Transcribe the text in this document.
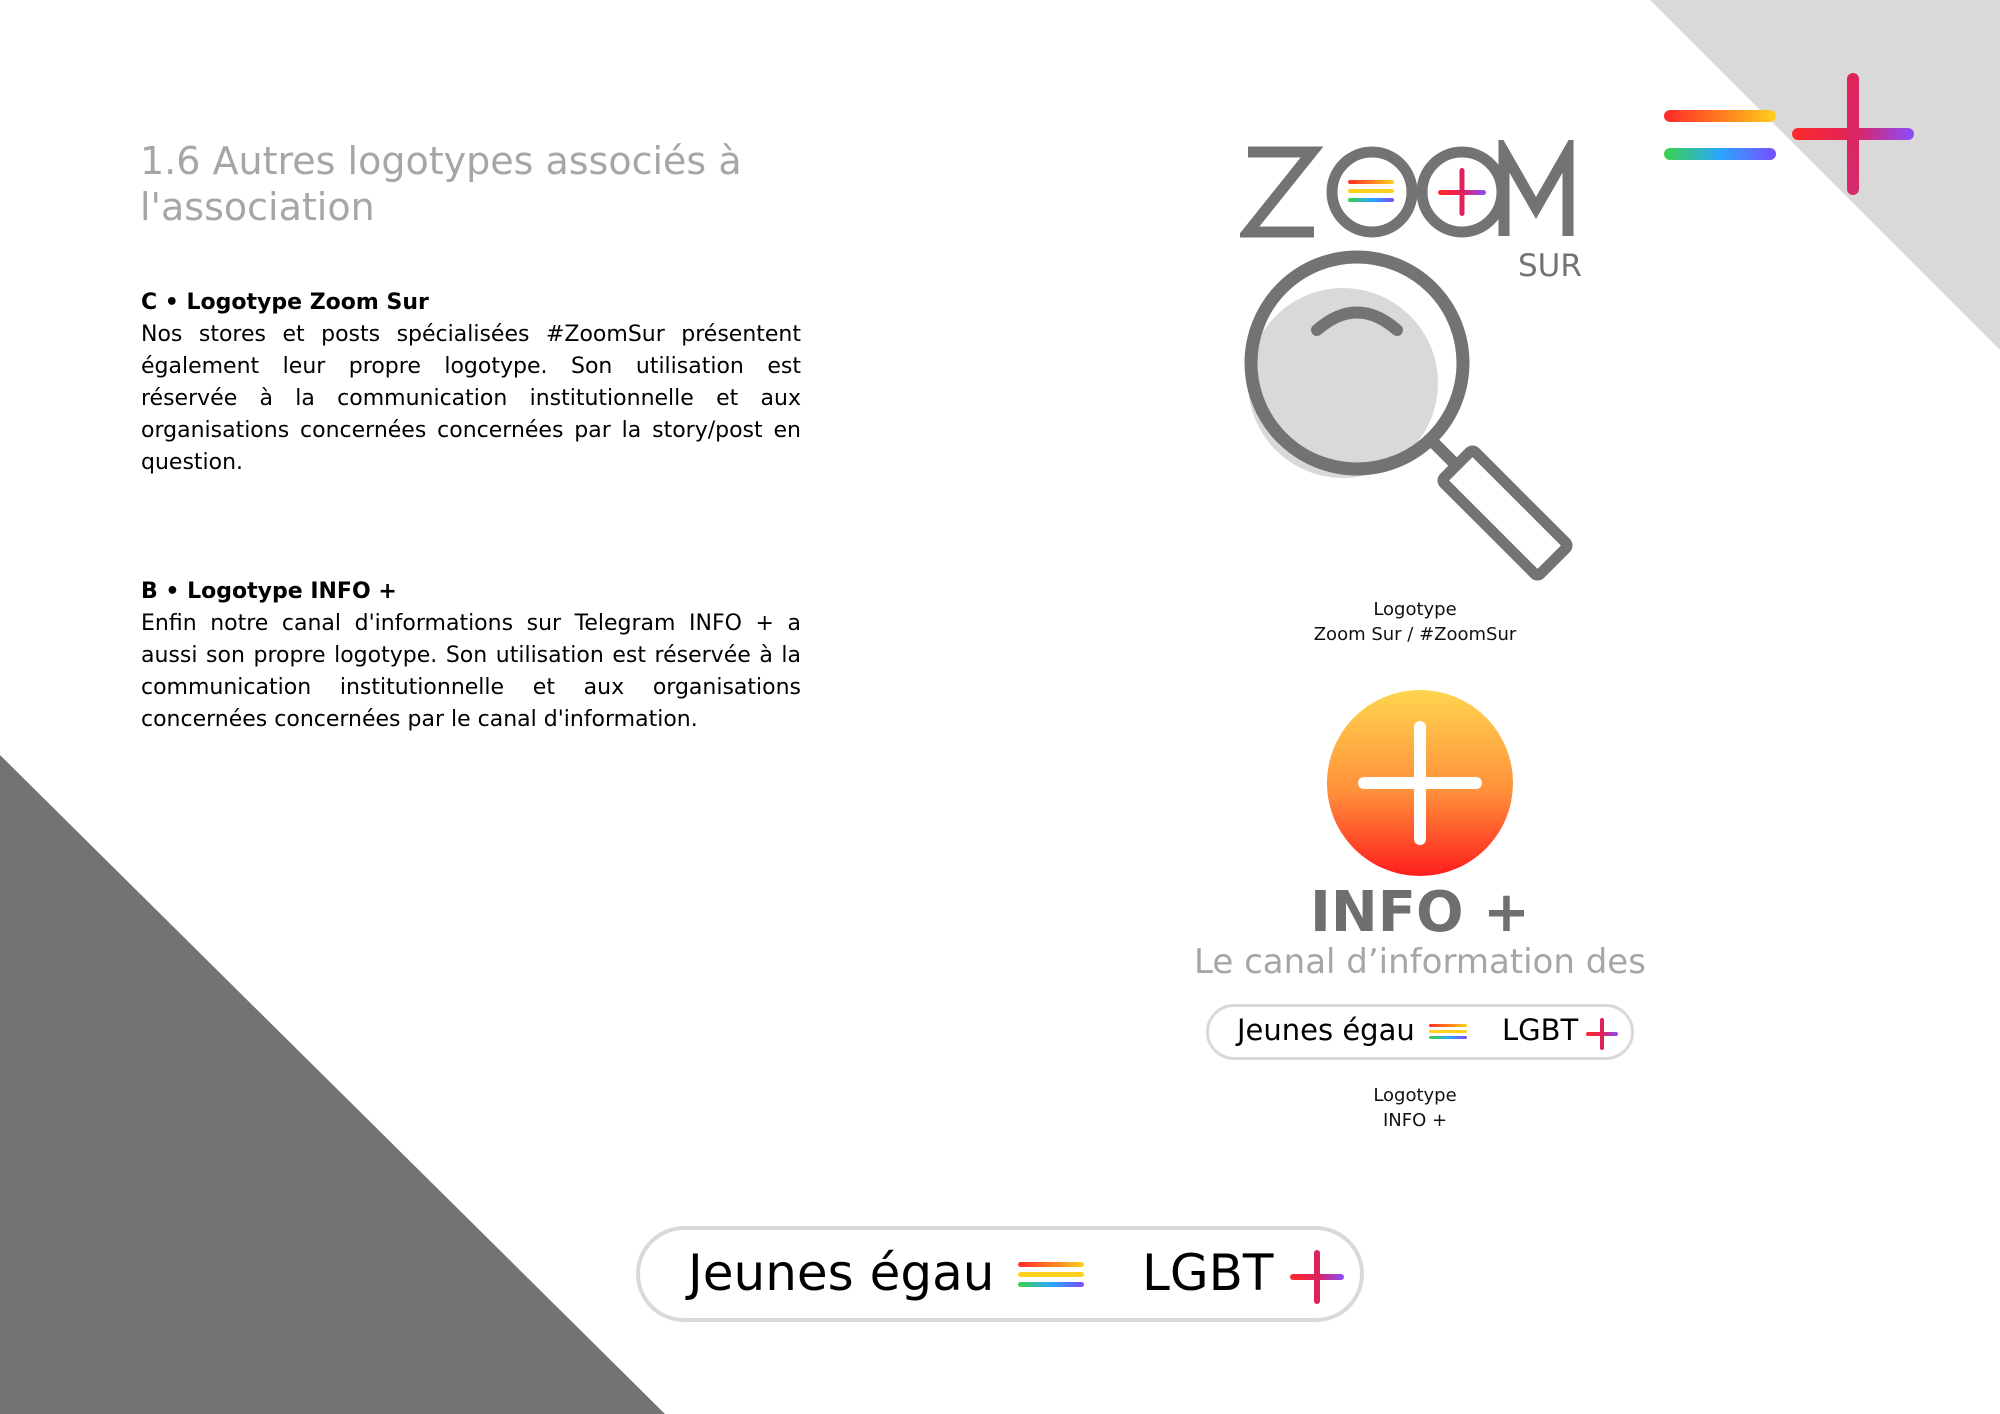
1.6 Autres logotypes associés à l'association
C • Logotype Zoom Sur
Nos stores et posts spécialisées #ZoomSur présentent également leur propre logotype. Son utilisation est réservée à la communication institutionnelle et aux organisations concernées concernées par la story/post en question.
B • Logotype INFO +
Enfin notre canal d'informations sur Telegram INFO + a aussi son propre logotype. Son utilisation est réservée à la communication institutionnelle et aux organisations concernées concernées par le canal d'information.
SUR
Logotype
Zoom Sur / #ZoomSur
INFO +
Le canal d’information des
Jeunes égau	LGBT
Logotype
INFO +
Jeunes égau	LGBT
